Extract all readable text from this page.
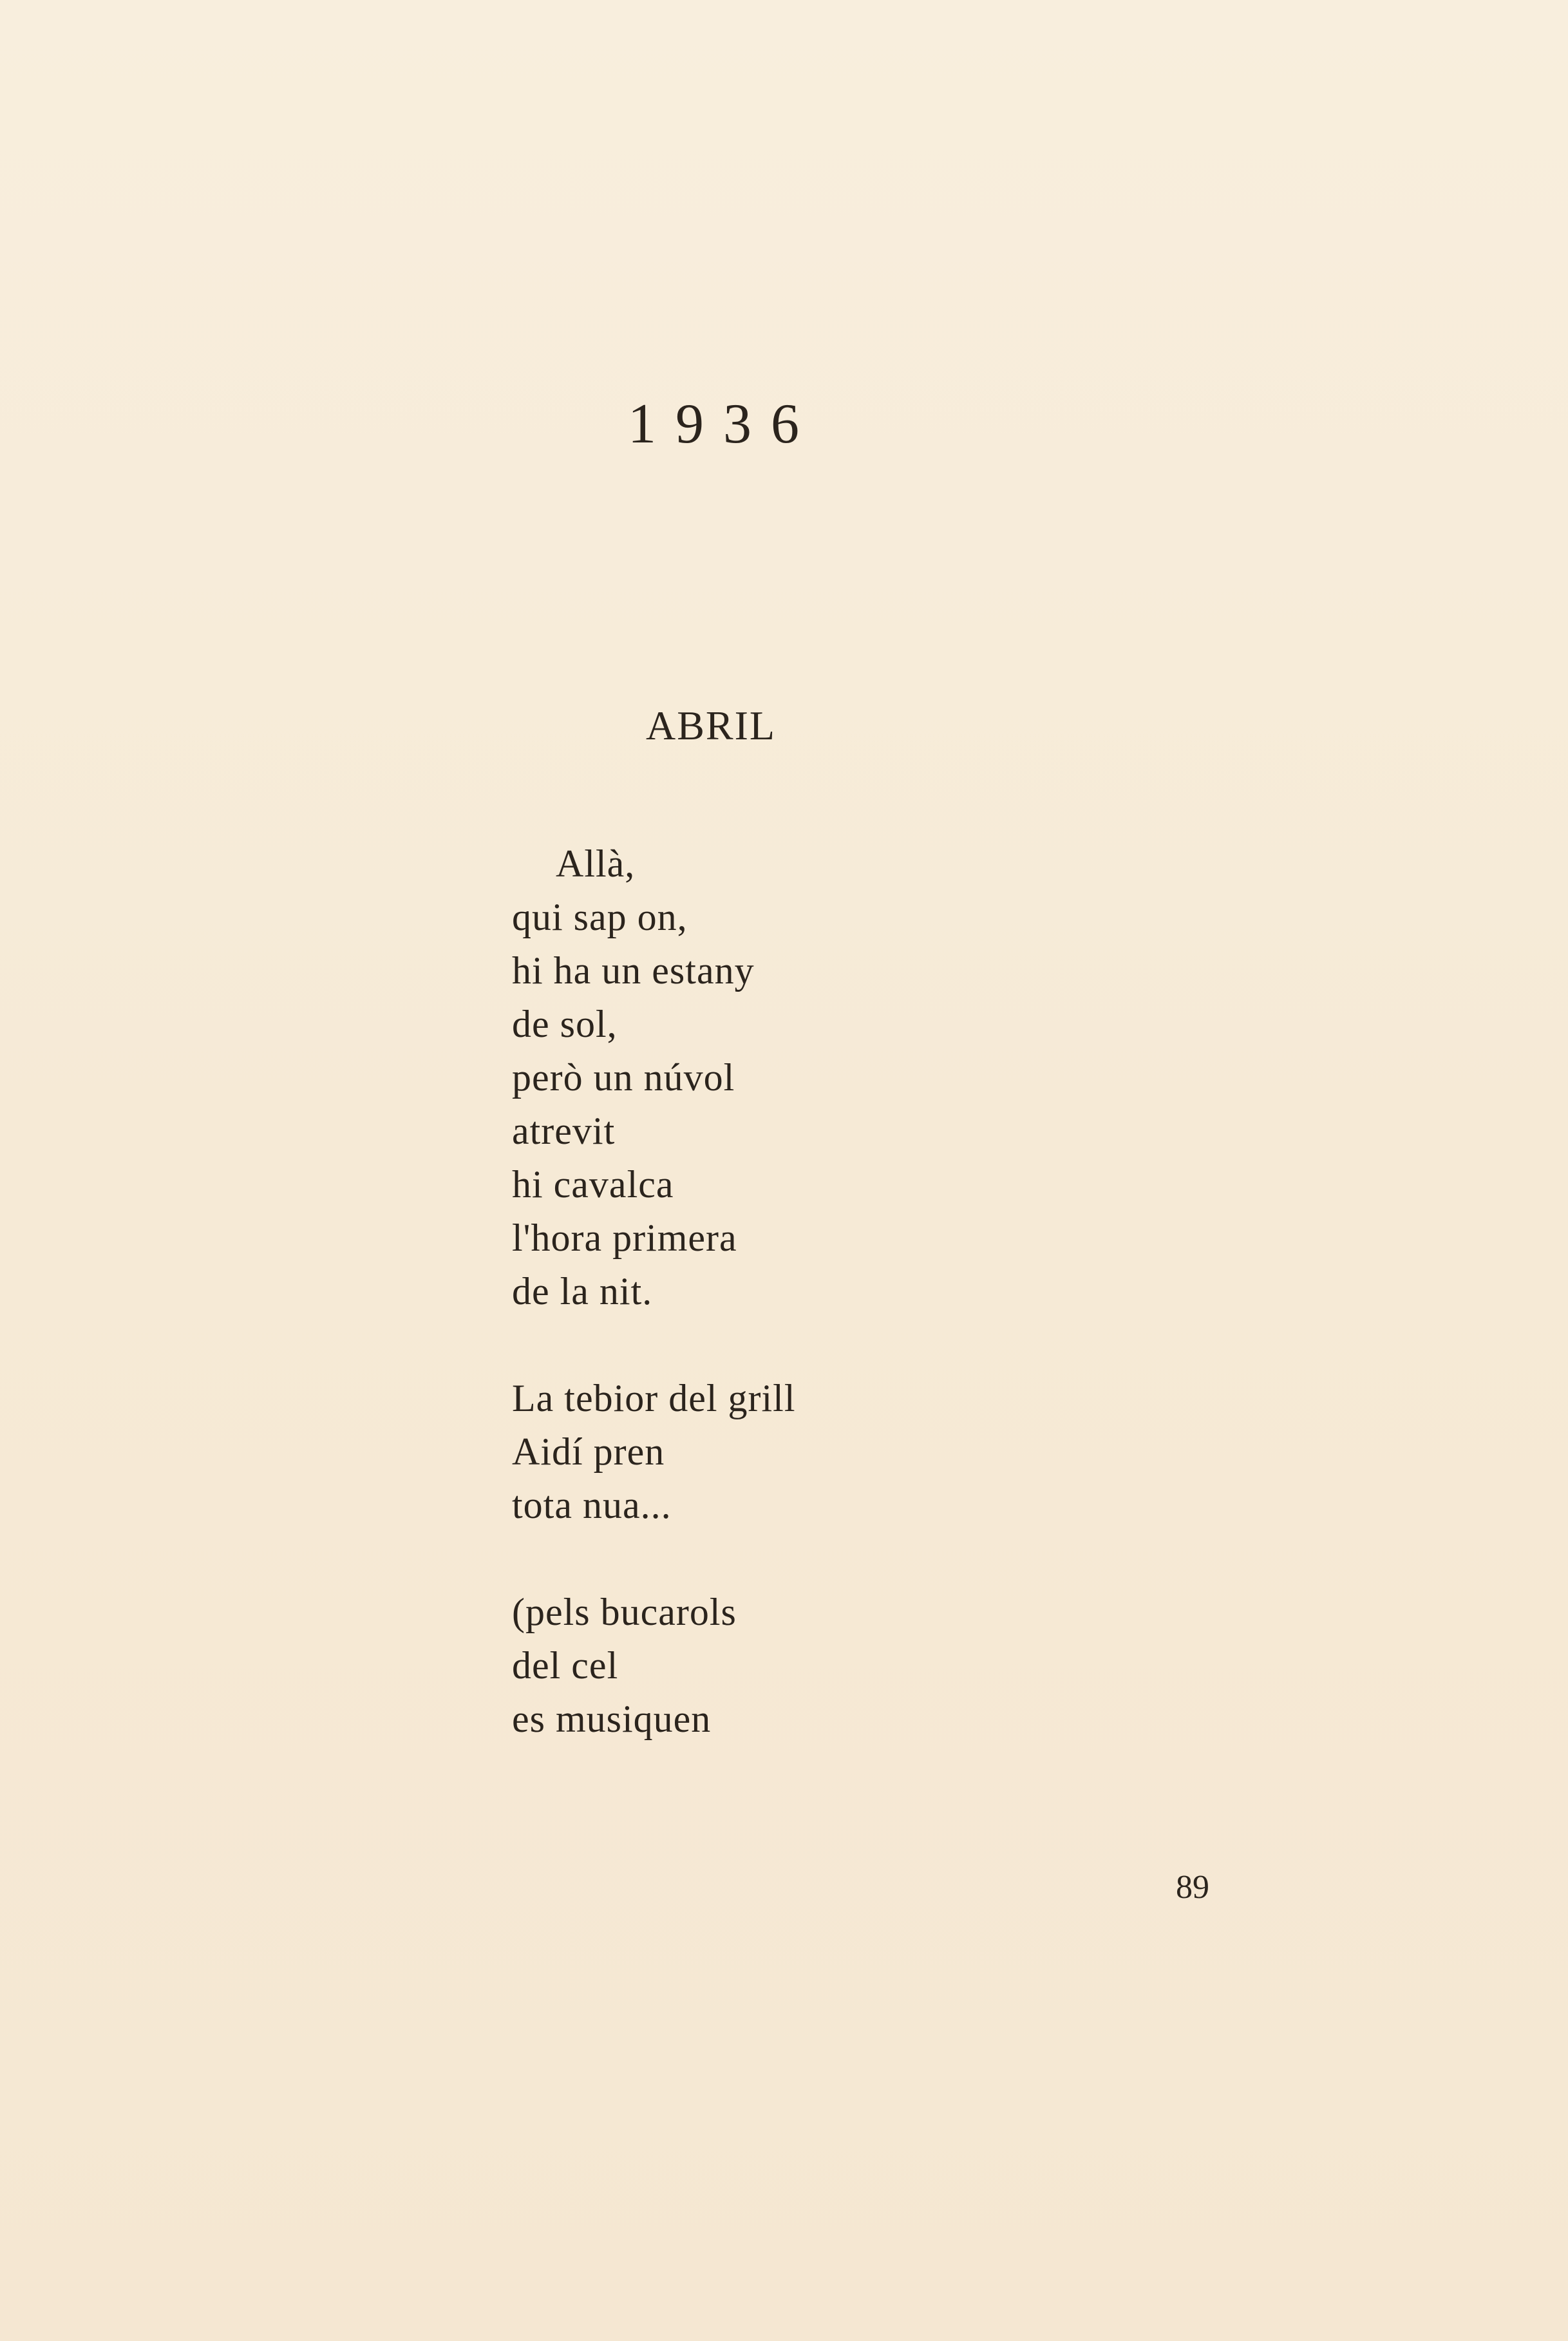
1936
ABRIL
Allà,
qui sap on,
hi ha un estany
de sol,
però un núvol
atrevit
hi cavalca
l'hora primera
de la nit.
La tebior del grill
Aidí pren
tota nua...
(pels bucarols
del cel
es musiquen
89
